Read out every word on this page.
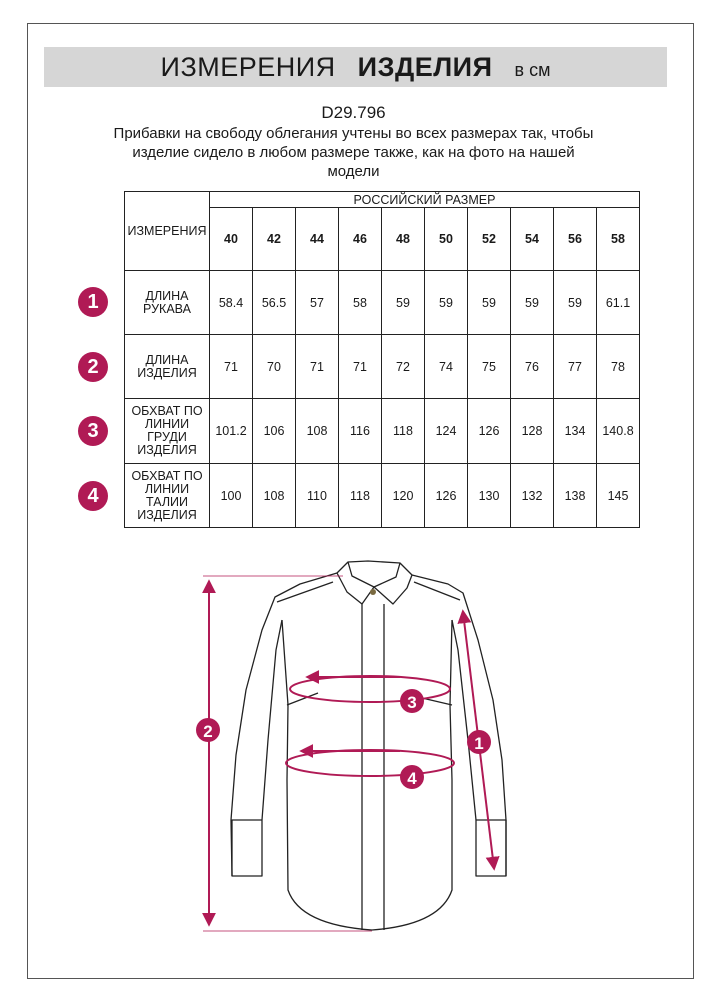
ИЗМЕРЕНИЯ ИЗДЕЛИЯ в см
D29.796
Прибавки на свободу облегания учтены во всех размерах так, чтобы изделие сидело в любом размере также, как на фото на нашей модели
ИЗМЕРЕНИЯ	РОССИЙСКИЙ РАЗМЕР									
	40	42	44	46	48	50	52	54	56	58
ДЛИНА РУКАВА	58.4	56.5	57	58	59	59	59	59	59	61.1
ДЛИНА ИЗДЕЛИЯ	71	70	71	71	72	74	75	76	77	78
ОБХВАТ ПО ЛИНИИ ГРУДИ ИЗДЕЛИЯ	101.2	106	108	116	118	124	126	128	134	140.8
ОБХВАТ ПО ЛИНИИ ТАЛИИ ИЗДЕЛИЯ	100	108	110	118	120	126	130	132	138	145
1
2
3
4
1
2
3
4
